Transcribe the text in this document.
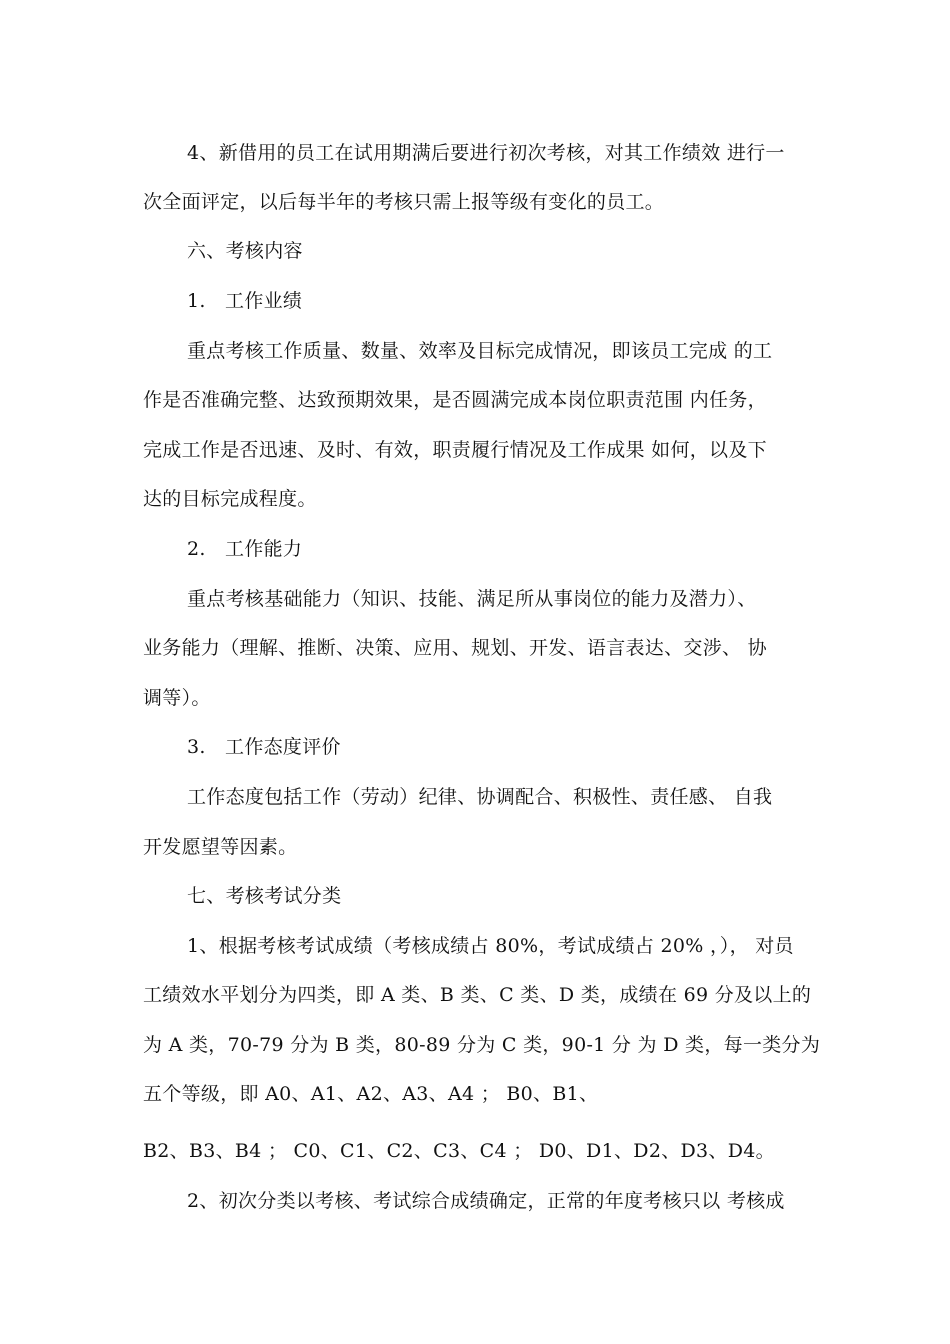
4、新借用的员工在试用期满后要进行初次考核，对其工作绩效 进行一
次全面评定，以后每半年的考核只需上报等级有变化的员工。
六、考核内容
1.　工作业绩
重点考核工作质量、数量、效率及目标完成情况，即该员工完成 的工
作是否准确完整、达致预期效果，是否圆满完成本岗位职责范围 内任务，
完成工作是否迅速、及时、有效，职责履行情况及工作成果 如何，以及下
达的目标完成程度。
2.　工作能力
重点考核基础能力（知识、技能、满足所从事岗位的能力及潜力）、
业务能力（理解、推断、决策、应用、规划、开发、语言表达、交涉、 协
调等）。
3.　工作态度评价
工作态度包括工作（劳动）纪律、协调配合、积极性、责任感、 自我
开发愿望等因素。
七、考核考试分类
1、根据考核考试成绩（考核成绩占 80%，考试成绩占 20% ，）， 对员
工绩效水平划分为四类，即 A 类、B 类、C 类、D 类，成绩在 69 分及以上的
为 A 类，70-79 分为 B 类，80-89 分为 C 类，90-1 分 为 D 类，每一类分为
五个等级，即 A0、A1、A2、A3、A4 ； B0、B1、
B2、B3、B4 ； C0、C1、C2、C3、C4 ； D0、D1、D2、D3、D4。
2、初次分类以考核、考试综合成绩确定，正常的年度考核只以 考核成
